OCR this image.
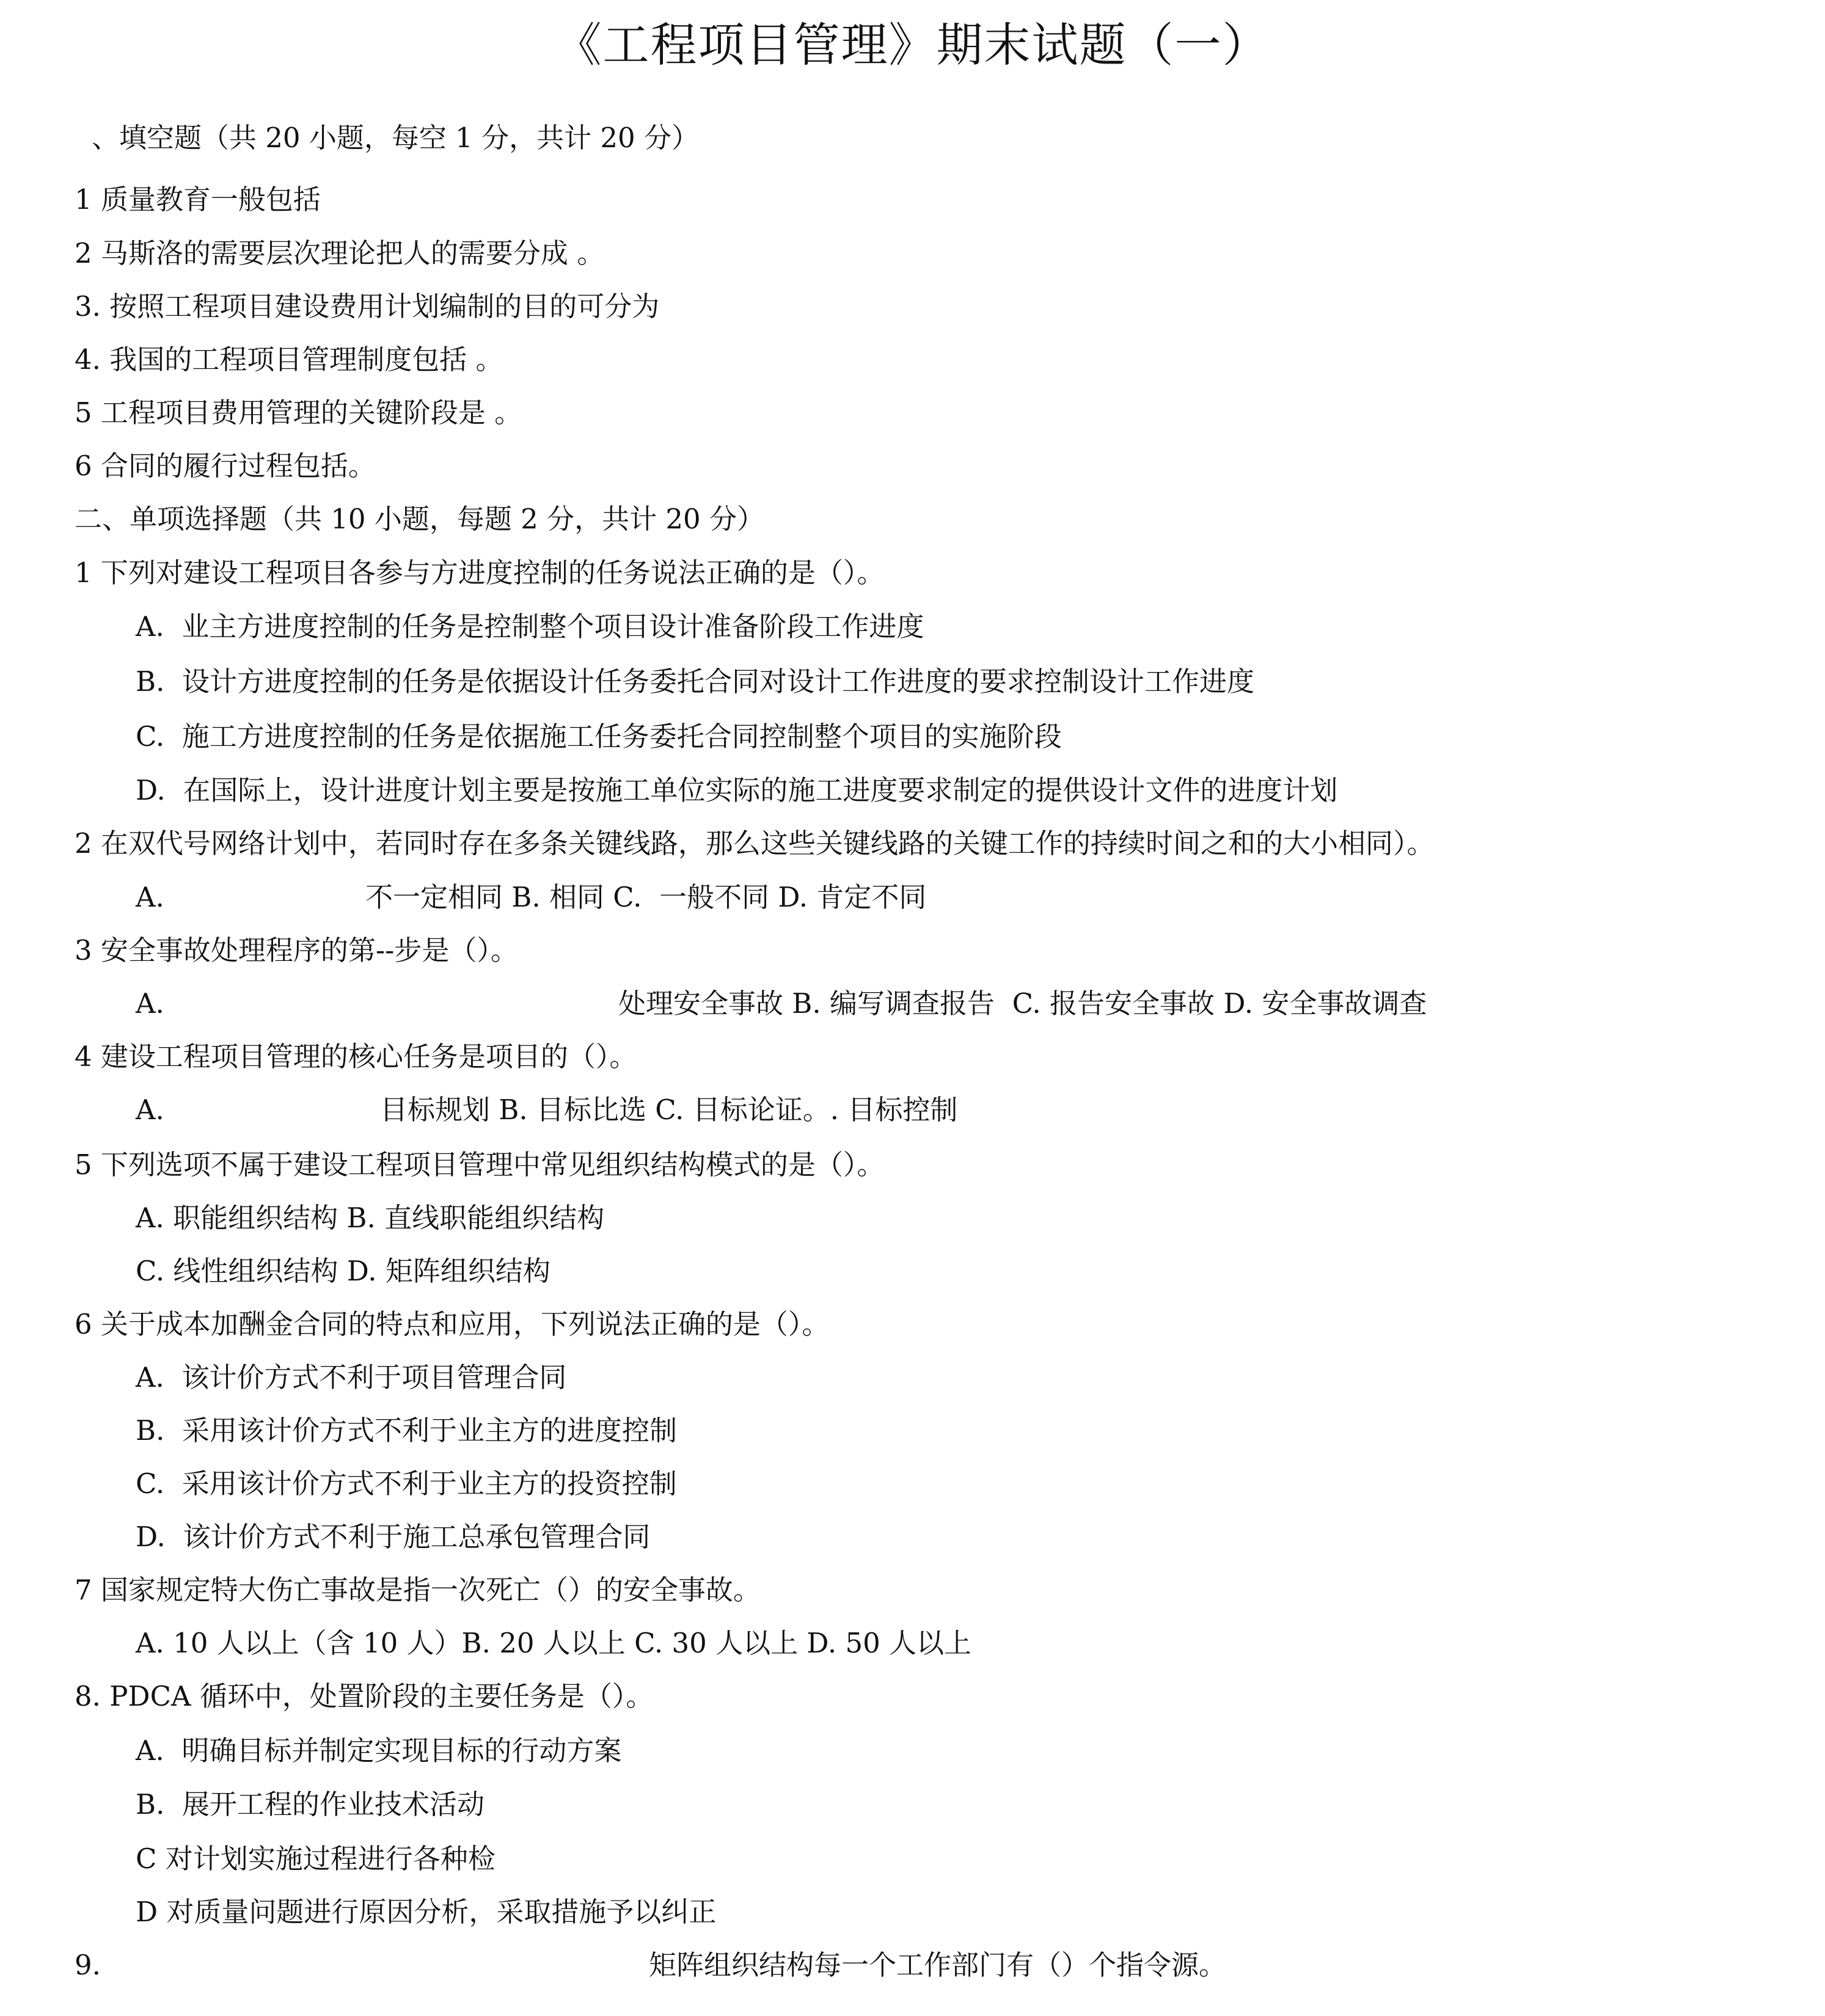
《工程项目管理》期末试题（一）
、填空题（共 20 小题，每空 1 分，共计 20 分）
1 质量教育一般包括
2 马斯洛的需要层次理论把人的需要分成 。
3. 按照工程项目建设费用计划编制的目的可分为
4. 我国的工程项目管理制度包括 。
5 工程项目费用管理的关键阶段是 。
6 合同的履行过程包括。
二、单项选择题（共 10 小题，每题 2 分，共计 20 分）
1 下列对建设工程项目各参与方进度控制的任务说法正确的是（）。
A.  业主方进度控制的任务是控制整个项目设计准备阶段工作进度
B.  设计方进度控制的任务是依据设计任务委托合同对设计工作进度的要求控制设计工作进度
C.  施工方进度控制的任务是依据施工任务委托合同控制整个项目的实施阶段
D.  在国际上，设计进度计划主要是按施工单位实际的施工进度要求制定的提供设计文件的进度计划
2 在双代号网络计划中，若同时存在多条关键线路，那么这些关键线路的关键工作的持续时间之和的大小相同）。
A.	不一定相同 B. 相同 C.  一般不同 D. 肯定不同
3 安全事故处理程序的第--步是（）。
A.	处理安全事故 B. 编写调查报告  C. 报告安全事故 D. 安全事故调查
4 建设工程项目管理的核心任务是项目的（）。
A.	目标规划 B. 目标比选 C. 目标论证。. 目标控制
5 下列选项不属于建设工程项目管理中常见组织结构模式的是（）。
A. 职能组织结构 B. 直线职能组织结构
C. 线性组织结构 D. 矩阵组织结构
6 关于成本加酬金合同的特点和应用，下列说法正确的是（）。
A.  该计价方式不利于项目管理合同
B.  采用该计价方式不利于业主方的进度控制
C.  采用该计价方式不利于业主方的投资控制
D.  该计价方式不利于施工总承包管理合同
7 国家规定特大伤亡事故是指一次死亡（）的安全事故。
A. 10 人以上（含 10 人）B. 20 人以上 C. 30 人以上 D. 50 人以上
8. PDCA 循环中，处置阶段的主要任务是（）。
A.  明确目标并制定实现目标的行动方案
B.  展开工程的作业技术活动
C 对计划实施过程进行各种检
D 对质量问题进行原因分析，采取措施予以纠正
9.	矩阵组织结构每一个工作部门有（）个指令源。
